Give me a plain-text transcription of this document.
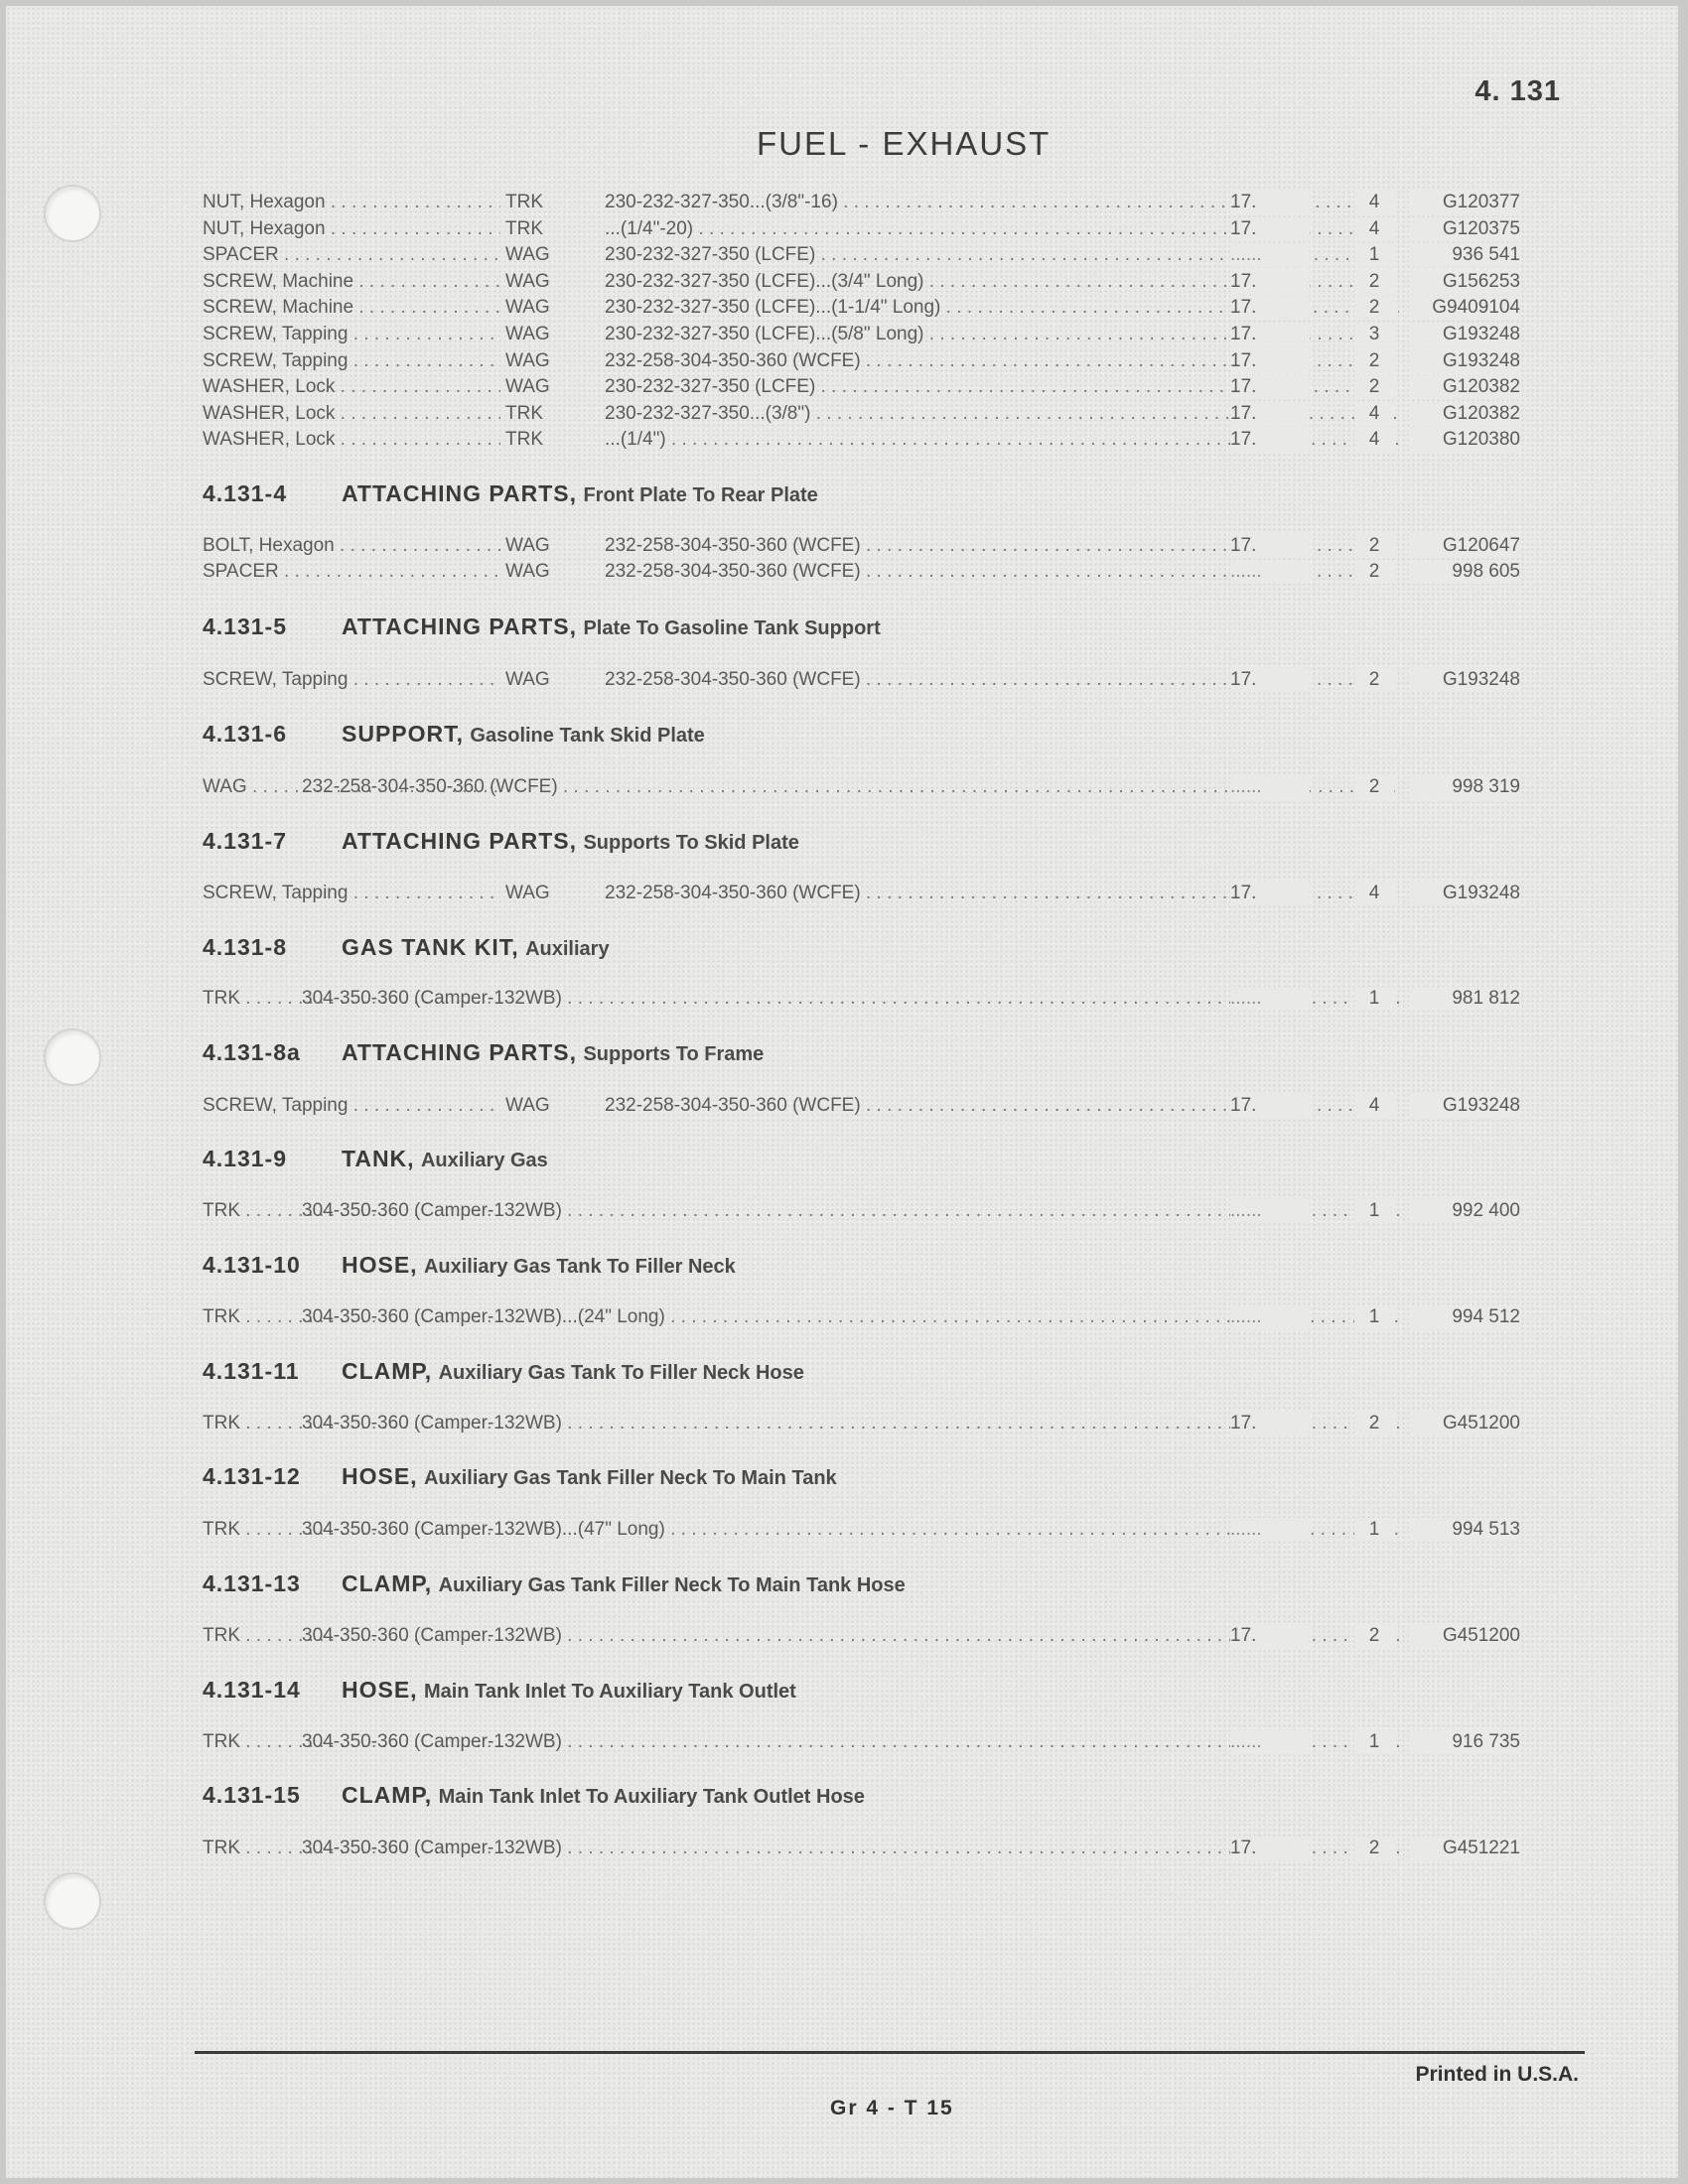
4. 131
FUEL - EXHAUST
NUT, Hexagon . . .	TRK	230-232-327-350...(3/8"-16) . . .	17.	4	G120377
NUT, Hexagon . . .	TRK	...(1/4"-20) . . .	17.	4	G120375
SPACER . . .	WAG	230-232-327-350 (LCFE) . . .	......	1	936 541
SCREW, Machine . . .	WAG	230-232-327-350 (LCFE)...(3/4" Long) . . .	17.	2	G156253
SCREW, Machine . . .	WAG	230-232-327-350 (LCFE)...(1-1/4" Long) . . .	17.	2	G9409104
SCREW, Tapping . . .	WAG	230-232-327-350 (LCFE)...(5/8" Long) . . .	17.	3	G193248
SCREW, Tapping . . .	WAG	232-258-304-350-360 (WCFE) . . .	17.	2	G193248
WASHER, Lock . . .	WAG	230-232-327-350 (LCFE) . . .	17.	2	G120382
WASHER, Lock . . .	TRK	230-232-327-350...(3/8") . . .	17.	4	G120382
WASHER, Lock . . .	TRK	...(1/4") . . .	17.	4	G120380
4.131-4 ATTACHING PARTS, Front Plate To Rear Plate
BOLT, Hexagon . . .	WAG	232-258-304-350-360 (WCFE) . . .	17.	2	G120647
SPACER . . .	WAG	232-258-304-350-360 (WCFE) . . .	......	2	998 605
4.131-5 ATTACHING PARTS, Plate To Gasoline Tank Support
SCREW, Tapping . . .	WAG	232-258-304-350-360 (WCFE) . . .	17.	2	G193248
4.131-6 SUPPORT, Gasoline Tank Skid Plate
WAG . . .	232-258-304-350-360 (WCFE) . . .	......	2	998 319
4.131-7 ATTACHING PARTS, Supports To Skid Plate
SCREW, Tapping . . .	WAG	232-258-304-350-360 (WCFE) . . .	17.	4	G193248
4.131-8 GAS TANK KIT, Auxiliary
TRK . . .	304-350-360 (Camper-132WB) . . .	......	1	981 812
4.131-8a ATTACHING PARTS, Supports To Frame
SCREW, Tapping . . .	WAG	232-258-304-350-360 (WCFE) . . .	17.	4	G193248
4.131-9 TANK, Auxiliary Gas
TRK . . .	304-350-360 (Camper-132WB) . . .	......	1	992 400
4.131-10 HOSE, Auxiliary Gas Tank To Filler Neck
TRK . . .	304-350-360 (Camper-132WB)...(24" Long) . . .	......	1	994 512
4.131-11 CLAMP, Auxiliary Gas Tank To Filler Neck Hose
TRK . . .	304-350-360 (Camper-132WB) . . .	17.	2	G451200
4.131-12 HOSE, Auxiliary Gas Tank Filler Neck To Main Tank
TRK . . .	304-350-360 (Camper-132WB)...(47" Long) . . .	......	1	994 513
4.131-13 CLAMP, Auxiliary Gas Tank Filler Neck To Main Tank Hose
TRK . . .	304-350-360 (Camper-132WB) . . .	17.	2	G451200
4.131-14 HOSE, Main Tank Inlet To Auxiliary Tank Outlet
TRK . . .	304-350-360 (Camper-132WB) . . .	......	1	916 735
4.131-15 CLAMP, Main Tank Inlet To Auxiliary Tank Outlet Hose
TRK . . .	304-350-360 (Camper-132WB) . . .	17.	2	G451221
Printed in U.S.A.
Gr 4 - T 15
